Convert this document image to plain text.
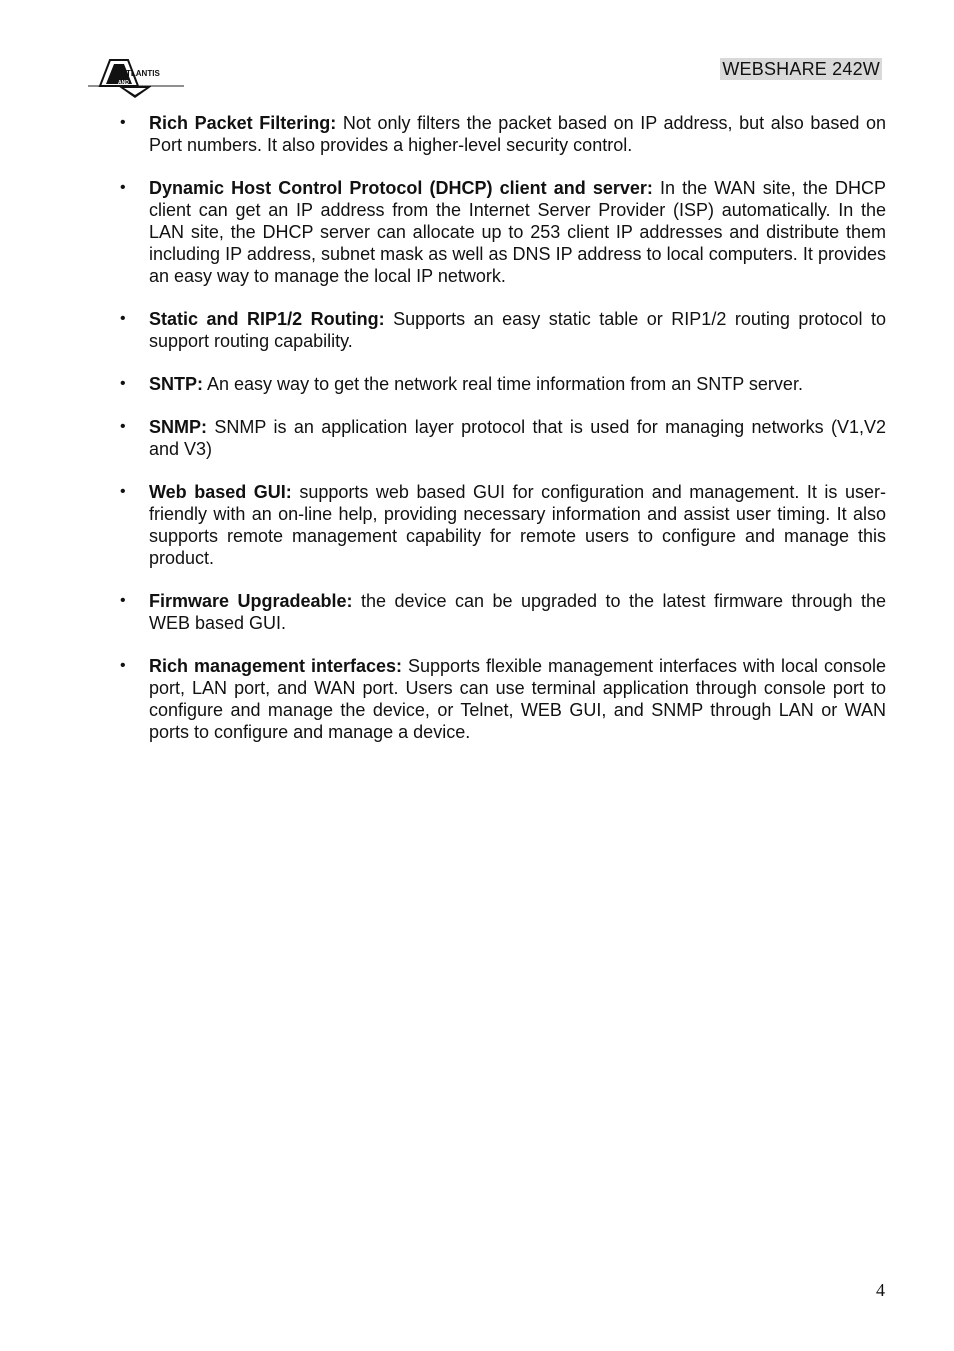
TLANTIS
AND
WEBSHARE 242W
• Rich Packet Filtering: Not only filters the packet based on IP address, but also based on Port numbers. It also provides a higher-level security control.
• Dynamic Host Control Protocol (DHCP) client and server: In the WAN site, the DHCP client can get an IP address from the Internet Server Provider (ISP) automatically. In the LAN site, the DHCP server can allocate up to 253 client IP addresses and distribute them including IP address, subnet mask as well as DNS IP address to local computers. It provides an easy way to manage the local IP network.
• Static and RIP1/2 Routing: Supports an easy static table or RIP1/2 routing protocol to support routing capability.
• SNTP: An easy way to get the network real time information from an SNTP server.
• SNMP: SNMP is an application layer protocol that is used for managing networks (V1,V2 and V3)
• Web based GUI: supports web based GUI for configuration and management. It is user-friendly with an on-line help, providing necessary information and assist user timing. It also supports remote management capability for remote users to configure and manage this product.
• Firmware Upgradeable: the device can be upgraded to the latest firmware through the WEB based GUI.
• Rich management interfaces: Supports flexible management interfaces with local console port, LAN port, and WAN port. Users can use terminal application through console port to configure and manage the device, or Telnet, WEB GUI, and SNMP through LAN or WAN ports to configure and manage a device.
4
